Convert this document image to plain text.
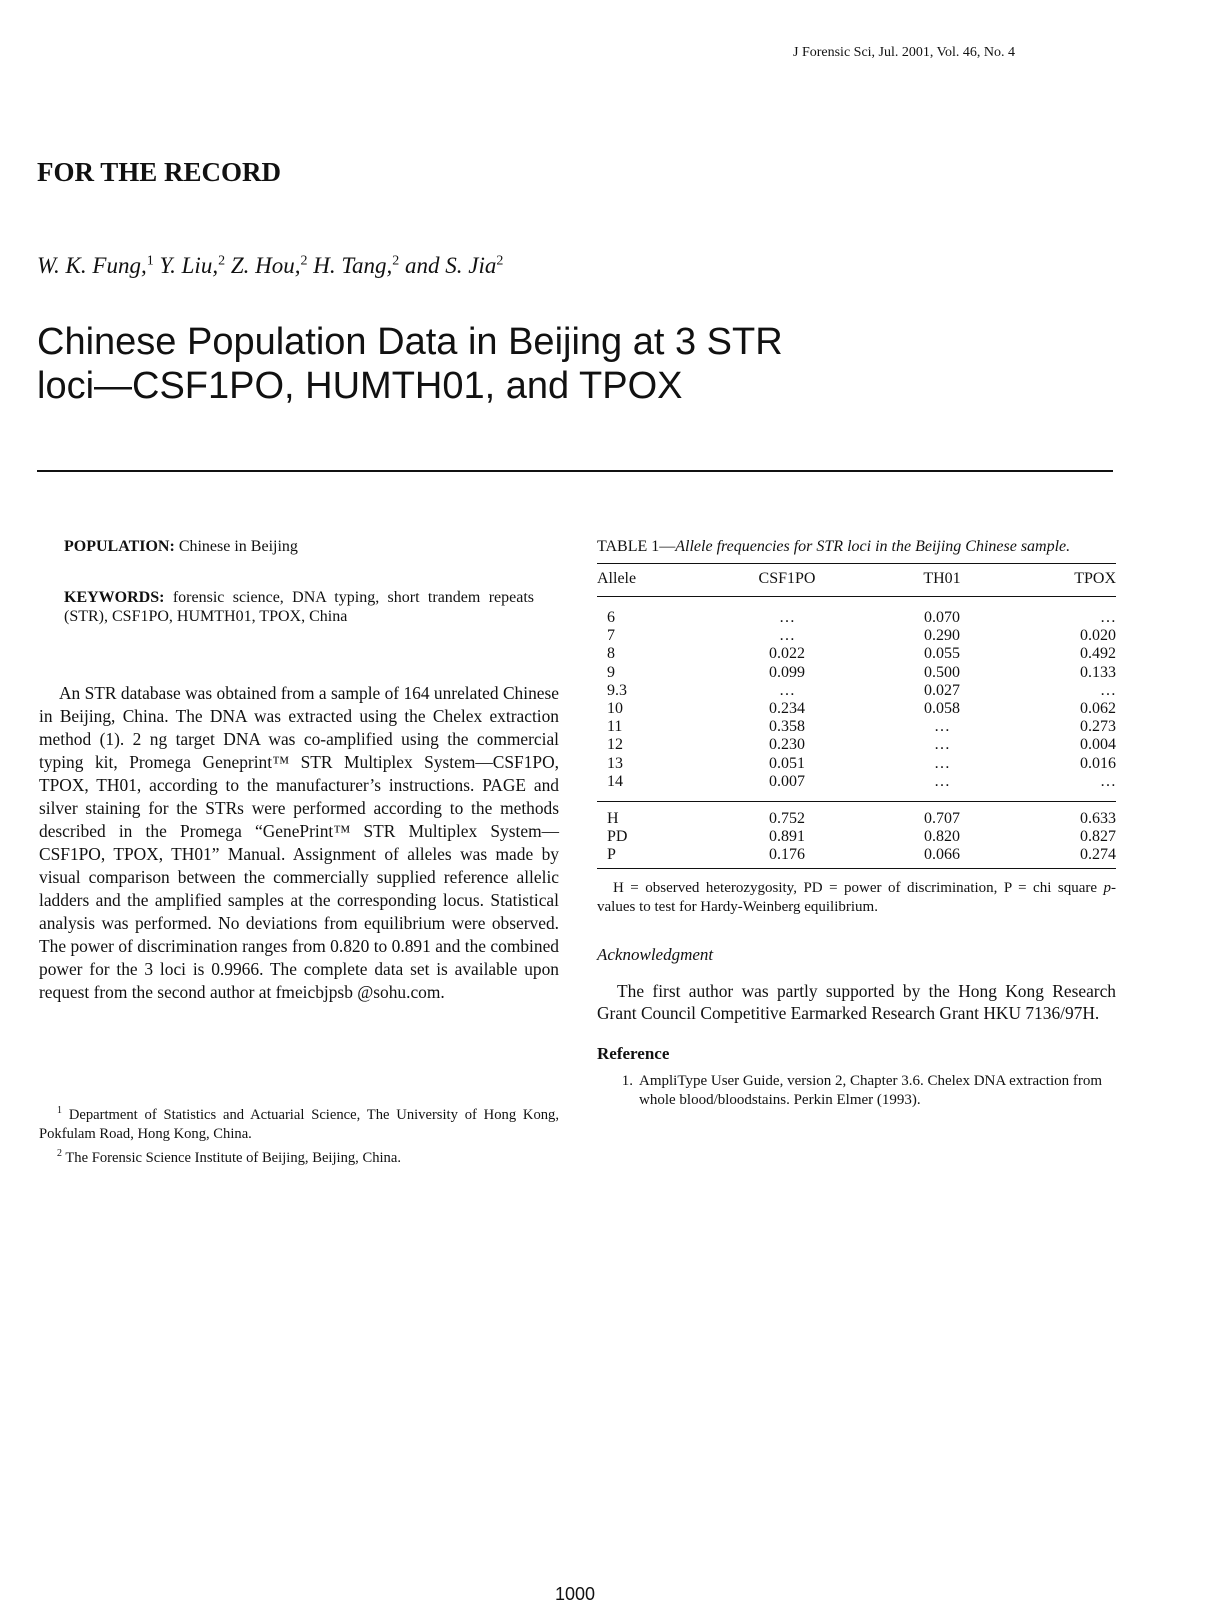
J Forensic Sci, Jul. 2001, Vol. 46, No. 4
FOR THE RECORD
W. K. Fung,$^1$ Y. Liu,$^2$ Z. Hou,$^2$ H. Tang,$^2$ and S. Jia$^2$
Chinese Population Data in Beijing at 3 STR
loci—CSF1PO, HUMTH01, and TPOX
POPULATION: Chinese in Beijing
KEYWORDS: forensic science, DNA typing, short trandem repeats (STR), CSF1PO, HUMTH01, TPOX, China

An STR database was obtained from a sample of 164 unrelated Chinese in Beijing, China. The DNA was extracted using the Chelex extraction method (1). 2 ng target DNA was co-amplified using the commercial typing kit, Promega Geneprint™ STR Multiplex System—CSF1PO, TPOX, TH01, according to the manufacturer’s instructions. PAGE and silver staining for the STRs were performed according to the methods described in the Promega “GenePrint™ STR Multiplex System—CSF1PO, TPOX, TH01” Manual. Assignment of alleles was made by visual comparison between the commercially supplied reference allelic ladders and the amplified samples at the corresponding locus. Statistical analysis was performed. No deviations from equilibrium were observed. The power of discrimination ranges from 0.820 to 0.891 and the combined power for the 3 loci is 0.9966. The complete data set is available upon request from the second author at fmeicbjpsb @sohu.com.

$^1$ Department of Statistics and Actuarial Science, The University of Hong Kong, Pokfulam Road, Hong Kong, China.

$^2$ The Forensic Science Institute of Beijing, Beijing, China.

TABLE 1—Allele frequencies for STR loci in the Beijing Chinese sample.

Allele	CSF1PO	TH01	TPOX

6	…	0.070	…
7	…	0.290	0.020
8	0.022	0.055	0.492
9	0.099	0.500	0.133
9.3	…	0.027	…
10	0.234	0.058	0.062
11	0.358	…	0.273
12	0.230	…	0.004
13	0.051	…	0.016
14	0.007	…	…

H	0.752	0.707	0.633
PD	0.891	0.820	0.827
P	0.176	0.066	0.274

H = observed heterozygosity, PD = power of discrimination, P = chi square p-values to test for Hardy-Weinberg equilibrium.
Acknowledgment
The first author was partly supported by the Hong Kong Research Grant Council Competitive Earmarked Research Grant HKU 7136/97H.
Reference
1. AmpliType User Guide, version 2, Chapter 3.6. Chelex DNA extraction from whole blood/bloodstains. Perkin Elmer (1993).
1000
